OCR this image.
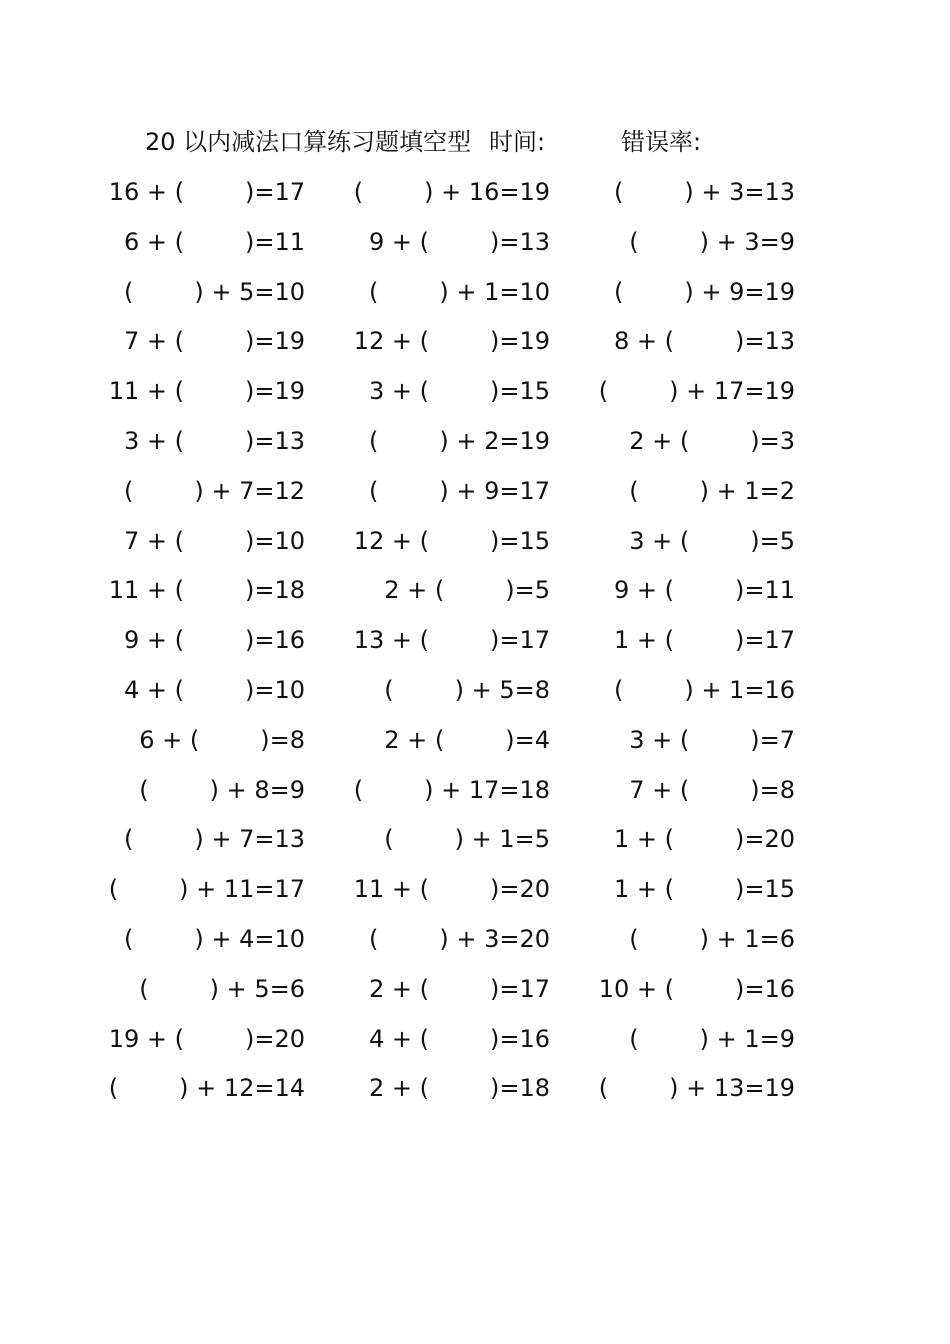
20 以内减法口算练习题填空型 时间:	错误率:
16 + (        )=17	(        ) + 16=19	(        ) + 3=13
6 + (        )=11	9 + (        )=13	(        ) + 3=9
(        ) + 5=10	(        ) + 1=10	(        ) + 9=19
7 + (        )=19	12 + (        )=19	8 + (        )=13
11 + (        )=19	3 + (        )=15	(        ) + 17=19
3 + (        )=13	(        ) + 2=19	2 + (        )=3
(        ) + 7=12	(        ) + 9=17	(        ) + 1=2
7 + (        )=10	12 + (        )=15	3 + (        )=5
11 + (        )=18	2 + (        )=5	9 + (        )=11
9 + (        )=16	13 + (        )=17	1 + (        )=17
4 + (        )=10	(        ) + 5=8	(        ) + 1=16
6 + (        )=8	2 + (        )=4	3 + (        )=7
(        ) + 8=9	(        ) + 17=18	7 + (        )=8
(        ) + 7=13	(        ) + 1=5	1 + (        )=20
(        ) + 11=17	11 + (        )=20	1 + (        )=15
(        ) + 4=10	(        ) + 3=20	(        ) + 1=6
(        ) + 5=6	2 + (        )=17	10 + (        )=16
19 + (        )=20	4 + (        )=16	(        ) + 1=9
(        ) + 12=14	2 + (        )=18	(        ) + 13=19
